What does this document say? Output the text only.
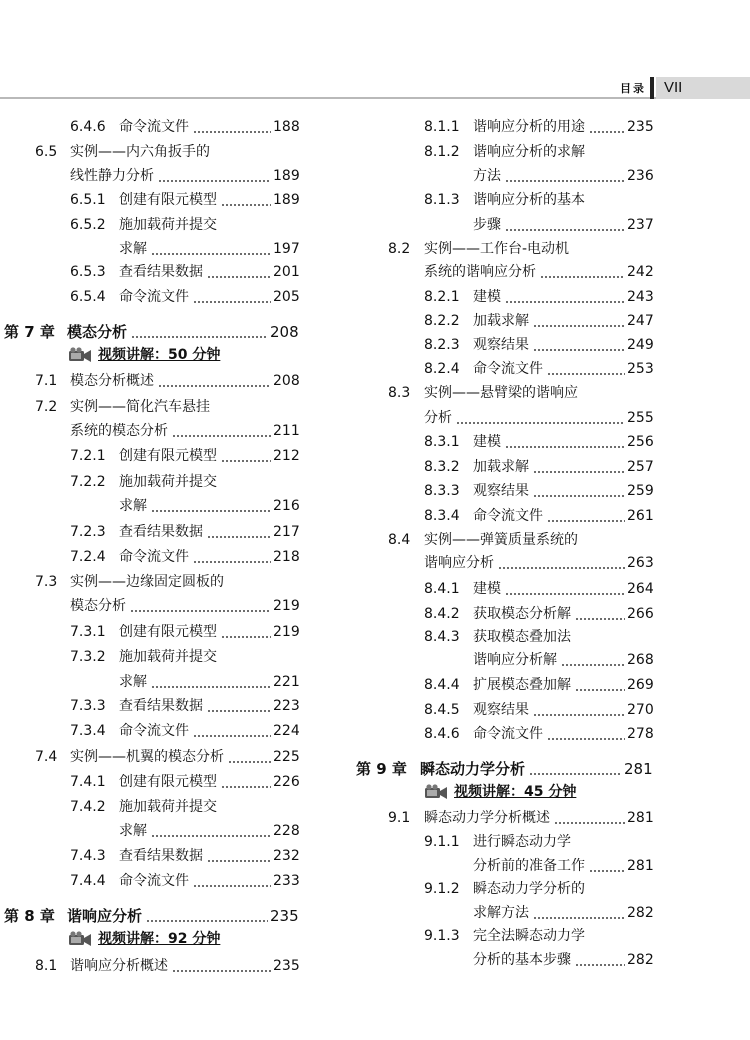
目录 VII
6.4.6 命令流文件	188
6.5 实例——内六角扳手的
线性静力分析	189
6.5.1 创建有限元模型	189
6.5.2 施加载荷并提交
求解	197
6.5.3 查看结果数据	201
6.5.4 命令流文件	205
第 7 章 模态分析	208
视频讲解：50 分钟
7.1 模态分析概述	208
7.2 实例——简化汽车悬挂
系统的模态分析	211
7.2.1 创建有限元模型	212
7.2.2 施加载荷并提交
求解	216
7.2.3 查看结果数据	217
7.2.4 命令流文件	218
7.3 实例——边缘固定圆板的
模态分析	219
7.3.1 创建有限元模型	219
7.3.2 施加载荷并提交
求解	221
7.3.3 查看结果数据	223
7.3.4 命令流文件	224
7.4 实例——机翼的模态分析	225
7.4.1 创建有限元模型	226
7.4.2 施加载荷并提交
求解	228
7.4.3 查看结果数据	232
7.4.4 命令流文件	233
第 8 章 谐响应分析	235
视频讲解：92 分钟
8.1 谐响应分析概述	235
8.1.1 谐响应分析的用途	235
8.1.2 谐响应分析的求解
方法	236
8.1.3 谐响应分析的基本
步骤	237
8.2 实例——工作台-电动机
系统的谐响应分析	242
8.2.1 建模	243
8.2.2 加载求解	247
8.2.3 观察结果	249
8.2.4 命令流文件	253
8.3 实例——悬臂梁的谐响应
分析	255
8.3.1 建模	256
8.3.2 加载求解	257
8.3.3 观察结果	259
8.3.4 命令流文件	261
8.4 实例——弹簧质量系统的
谐响应分析	263
8.4.1 建模	264
8.4.2 获取模态分析解	266
8.4.3 获取模态叠加法
谐响应分析解	268
8.4.4 扩展模态叠加解	269
8.4.5 观察结果	270
8.4.6 命令流文件	278
第 9 章 瞬态动力学分析	281
视频讲解：45 分钟
9.1 瞬态动力学分析概述	281
9.1.1 进行瞬态动力学
分析前的准备工作	281
9.1.2 瞬态动力学分析的
求解方法	282
9.1.3 完全法瞬态动力学
分析的基本步骤	282
